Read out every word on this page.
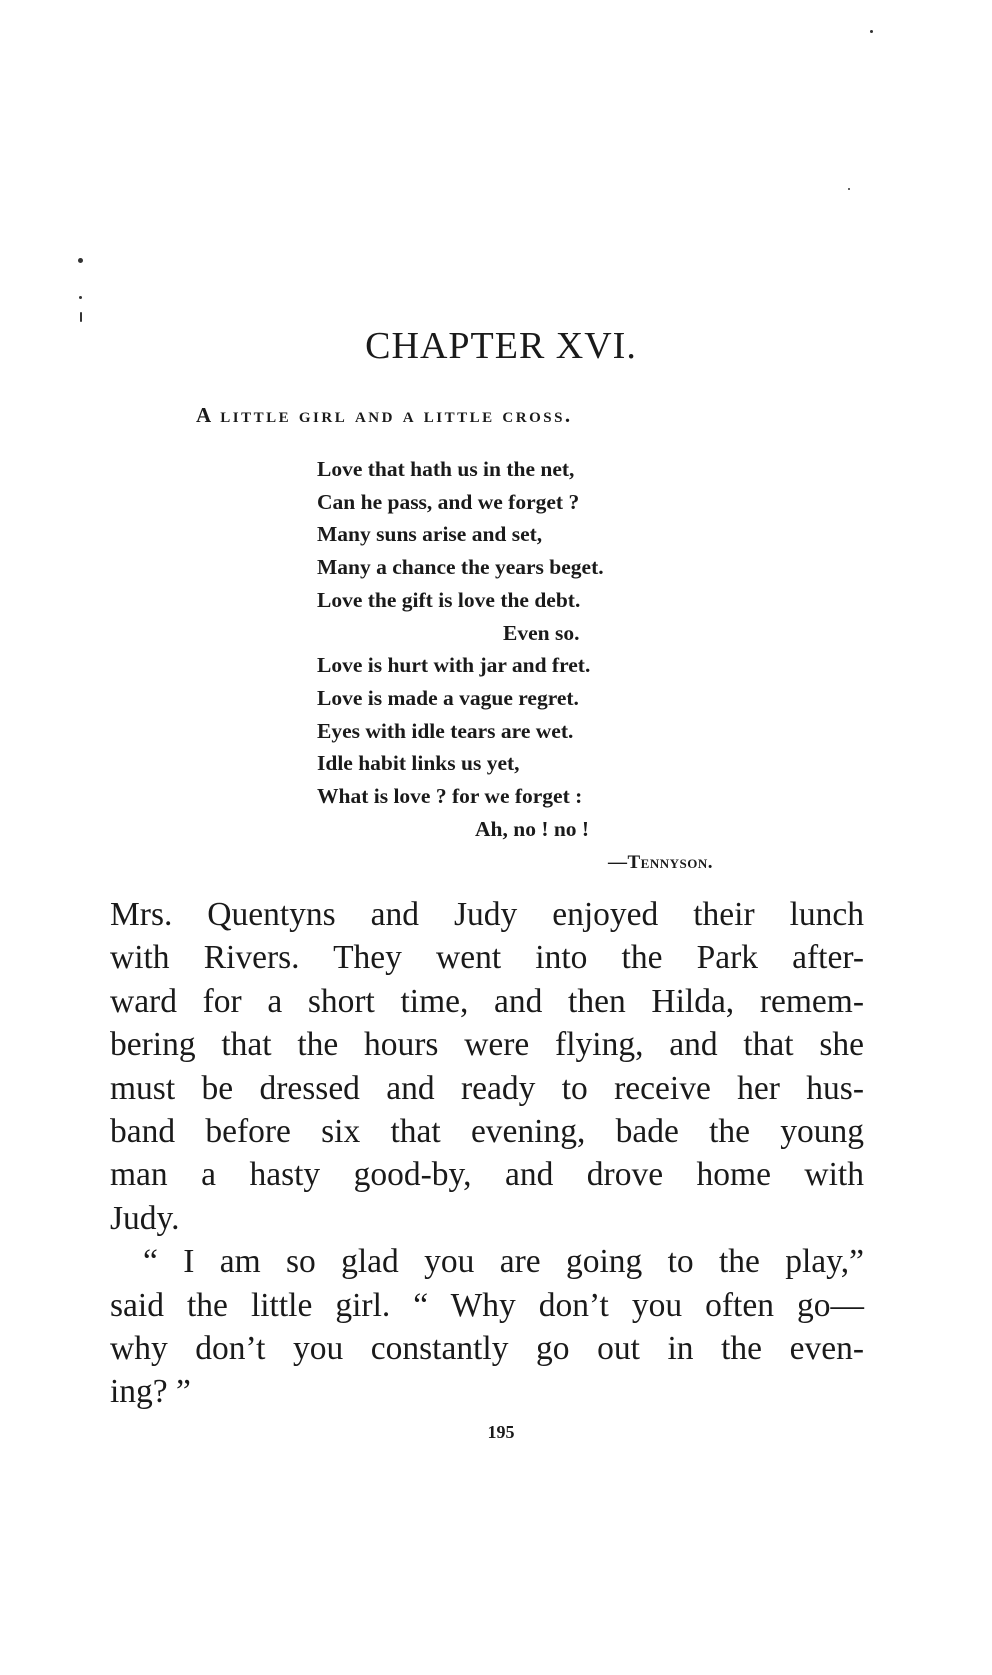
CHAPTER XVI.
A little girl and a little cross.
Love that hath us in the net,
Can he pass, and we forget ?
Many suns arise and set,
Many a chance the years beget.
Love the gift is love the debt.
Even so.
Love is hurt with jar and fret.
Love is made a vague regret.
Eyes with idle tears are wet.
Idle habit links us yet,
What is love ? for we forget :
Ah, no ! no !
—Tennyson.
Mrs. Quentyns and Judy enjoyed their lunch
with Rivers. They went into the Park after-
ward for a short time, and then Hilda, remem-
bering that the hours were flying, and that she
must be dressed and ready to receive her hus-
band before six that evening, bade the young
man a hasty good-by, and drove home with
Judy.
“ I am so glad you are going to the play,”
said the little girl. “ Why don’t you often go—
why don’t you constantly go out in the even-
ing? ”
195
